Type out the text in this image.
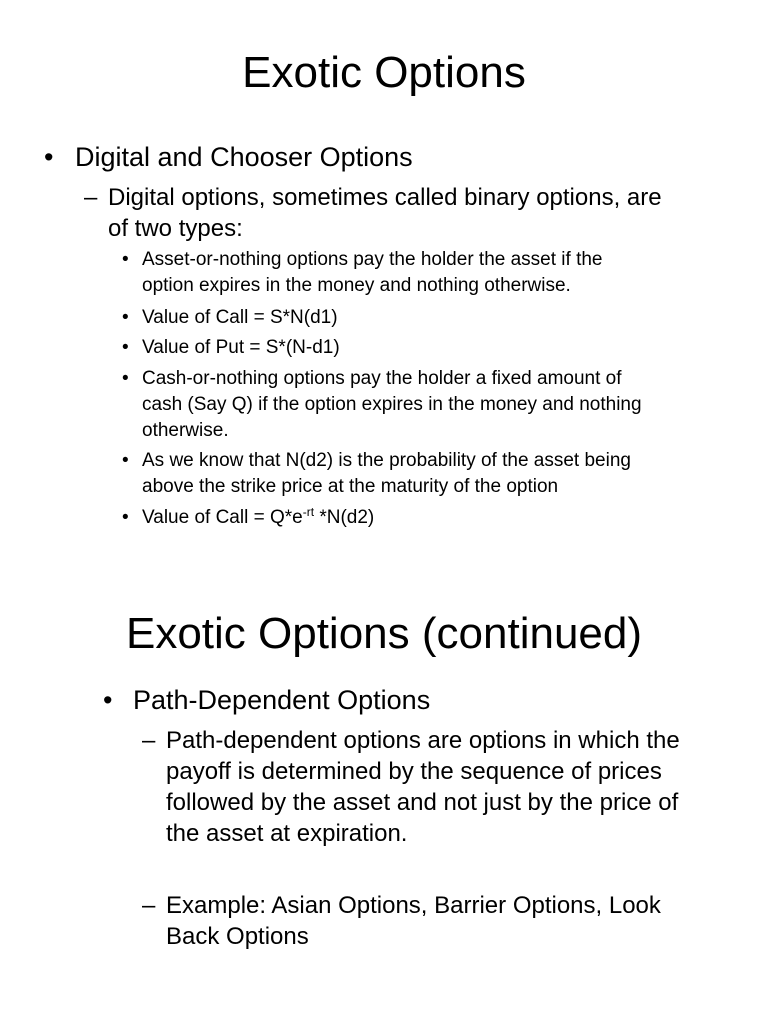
Exotic Options
• Digital and Chooser Options
– Digital options, sometimes called binary options, are
of two types:
• Asset-or-nothing options pay the holder the asset if the
option expires in the money and nothing otherwise.
• Value of Call = S*N(d1)
• Value of Put = S*(N-d1)
• Cash-or-nothing options pay the holder a fixed amount of
cash (Say Q) if the option expires in the money and nothing
otherwise.
• As we know that N(d2) is the probability of the asset being
above the strike price at the maturity of the option
• Value of Call = $Q*e^{-rt}$ *N(d2)
Exotic Options (continued)
• Path-Dependent Options
– Path-dependent options are options in which the
payoff is determined by the sequence of prices
followed by the asset and not just by the price of
the asset at expiration.
– Example: Asian Options, Barrier Options, Look
Back Options
